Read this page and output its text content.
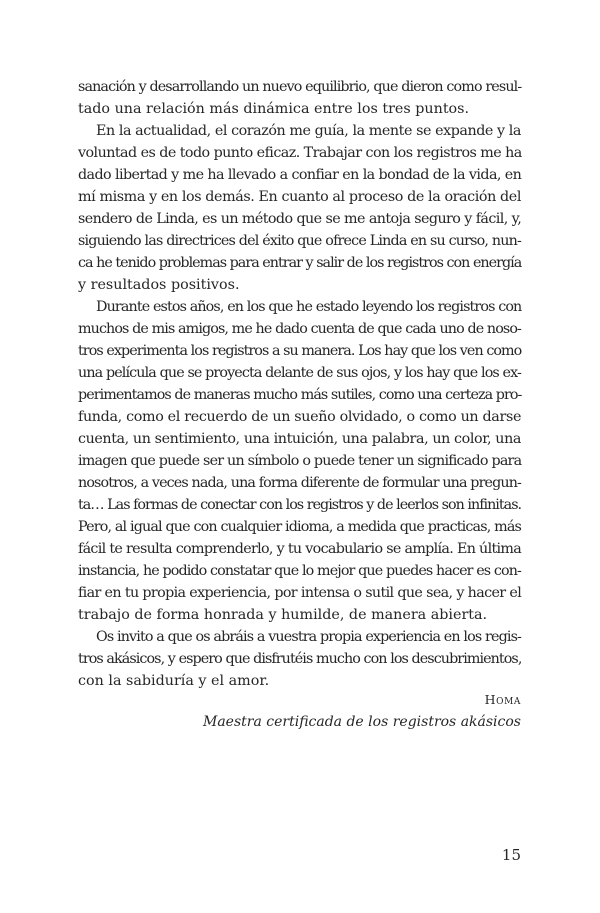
sanación y desarrollando un nuevo equilibrio, que dieron como resul-
tado una relación más dinámica entre los tres puntos.
En la actualidad, el corazón me guía, la mente se expande y la
voluntad es de todo punto eficaz. Trabajar con los registros me ha
dado libertad y me ha llevado a confiar en la bondad de la vida, en
mí misma y en los demás. En cuanto al proceso de la oración del
sendero de Linda, es un método que se me antoja seguro y fácil, y,
siguiendo las directrices del éxito que ofrece Linda en su curso, nun-
ca he tenido problemas para entrar y salir de los registros con energía
y resultados positivos.
Durante estos años, en los que he estado leyendo los registros con
muchos de mis amigos, me he dado cuenta de que cada uno de noso-
tros experimenta los registros a su manera. Los hay que los ven como
una película que se proyecta delante de sus ojos, y los hay que los ex-
perimentamos de maneras mucho más sutiles, como una certeza pro-
funda, como el recuerdo de un sueño olvidado, o como un darse
cuenta, un sentimiento, una intuición, una palabra, un color, una
imagen que puede ser un símbolo o puede tener un significado para
nosotros, a veces nada, una forma diferente de formular una pregun-
ta… Las formas de conectar con los registros y de leerlos son infinitas.
Pero, al igual que con cualquier idioma, a medida que practicas, más
fácil te resulta comprenderlo, y tu vocabulario se amplía. En última
instancia, he podido constatar que lo mejor que puedes hacer es con-
fiar en tu propia experiencia, por intensa o sutil que sea, y hacer el
trabajo de forma honrada y humilde, de manera abierta.
Os invito a que os abráis a vuestra propia experiencia en los regis-
tros akásicos, y espero que disfrutéis mucho con los descubrimientos,
con la sabiduría y el amor.
Homa
Maestra certificada de los registros akásicos
15
